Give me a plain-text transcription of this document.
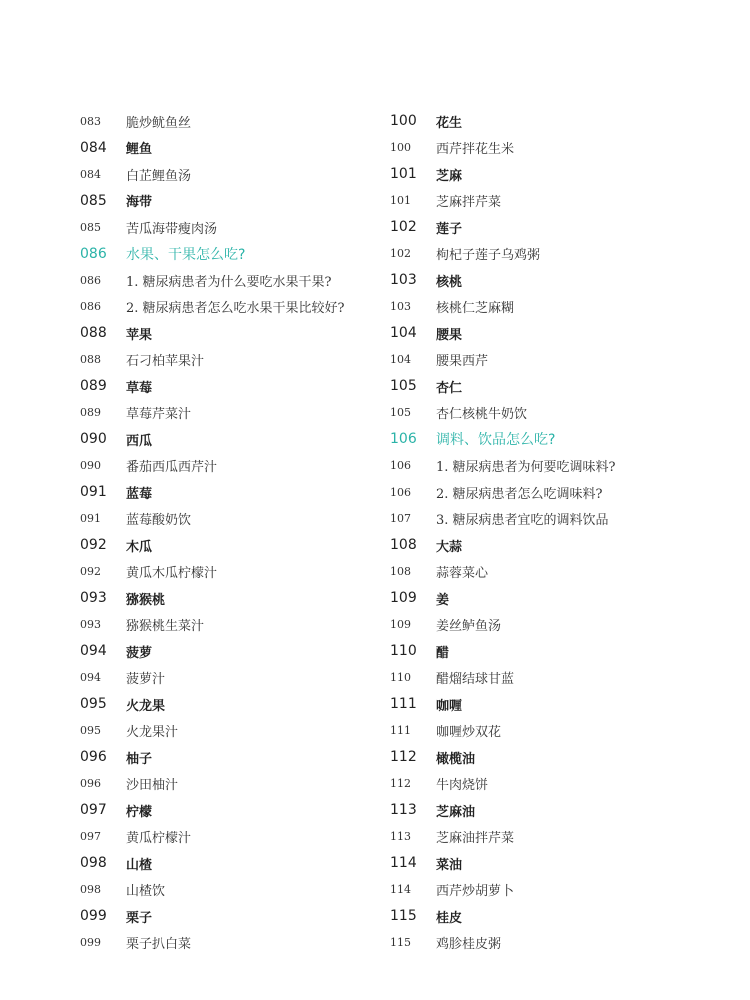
083	脆炒鱿鱼丝
084	鲤鱼
084	白芷鲤鱼汤
085	海带
085	苦瓜海带瘦肉汤
086	水果、干果怎么吃?
086	1. 糖尿病患者为什么要吃水果干果?
086	2. 糖尿病患者怎么吃水果干果比较好?
088	苹果
088	石刁柏苹果汁
089	草莓
089	草莓芹菜汁
090	西瓜
090	番茄西瓜西芹汁
091	蓝莓
091	蓝莓酸奶饮
092	木瓜
092	黄瓜木瓜柠檬汁
093	猕猴桃
093	猕猴桃生菜汁
094	菠萝
094	菠萝汁
095	火龙果
095	火龙果汁
096	柚子
096	沙田柚汁
097	柠檬
097	黄瓜柠檬汁
098	山楂
098	山楂饮
099	栗子
099	栗子扒白菜
100	花生
100	西芹拌花生米
101	芝麻
101	芝麻拌芹菜
102	莲子
102	枸杞子莲子乌鸡粥
103	核桃
103	核桃仁芝麻糊
104	腰果
104	腰果西芹
105	杏仁
105	杏仁核桃牛奶饮
106	调料、饮品怎么吃?
106	1. 糖尿病患者为何要吃调味料?
106	2. 糖尿病患者怎么吃调味料?
107	3. 糖尿病患者宜吃的调料饮品
108	大蒜
108	蒜蓉菜心
109	姜
109	姜丝鲈鱼汤
110	醋
110	醋熘结球甘蓝
111	咖喱
111	咖喱炒双花
112	橄榄油
112	牛肉烧饼
113	芝麻油
113	芝麻油拌芹菜
114	菜油
114	西芹炒胡萝卜
115	桂皮
115	鸡胗桂皮粥
